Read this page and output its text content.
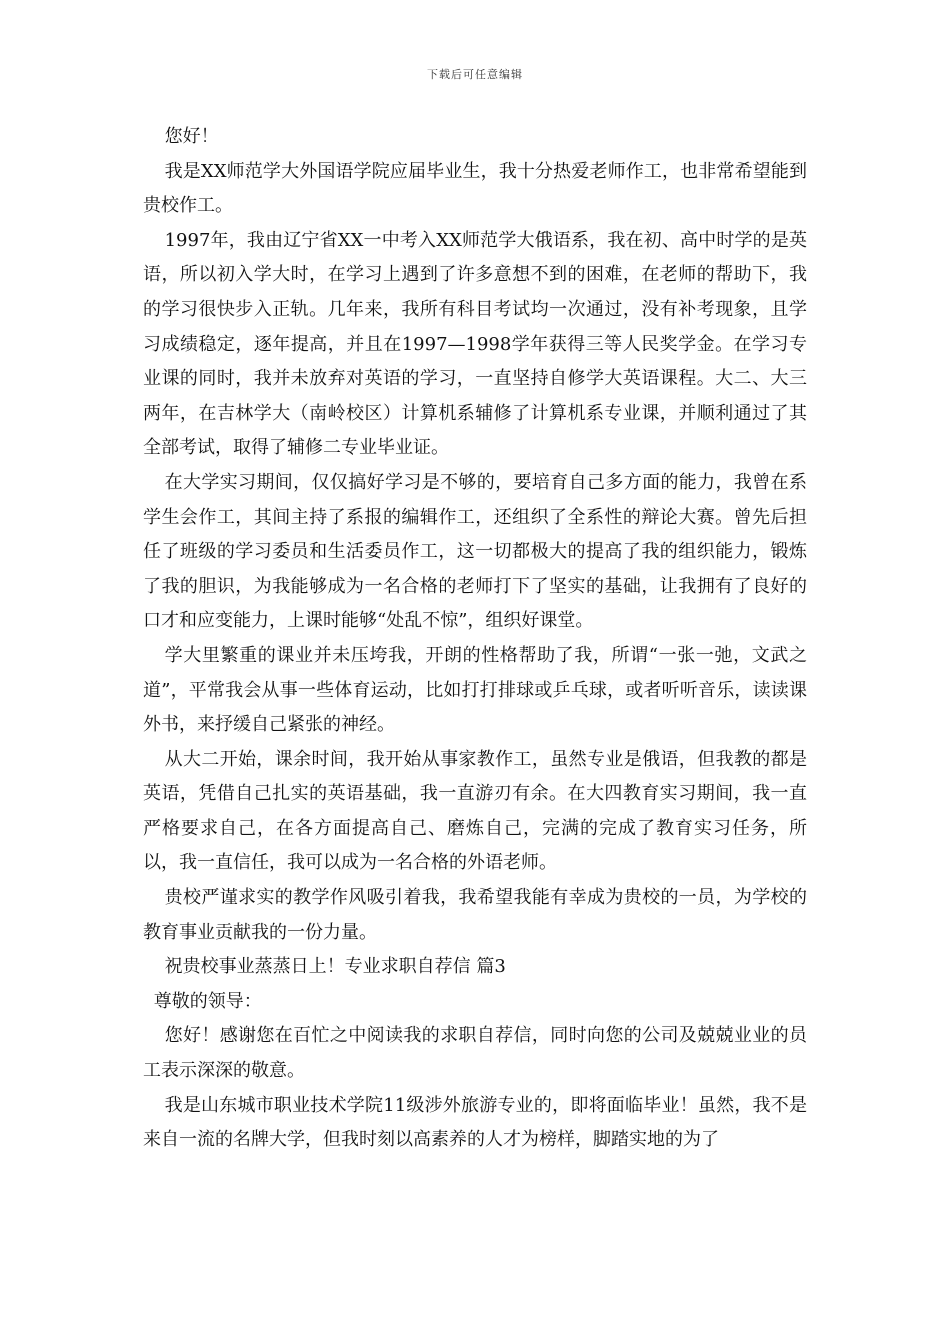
下载后可任意编辑

您好！

我是XX师范学大外国语学院应届毕业生，我十分热爱老师作工，也非常希望能到贵校作工。

1997年，我由辽宁省XX一中考入XX师范学大俄语系，我在初、高中时学的是英语，所以初入学大时，在学习上遇到了许多意想不到的困难，在老师的帮助下，我的学习很快步入正轨。几年来，我所有科目考试均一次通过，没有补考现象，且学习成绩稳定，逐年提高，并且在1997—1998学年获得三等人民奖学金。在学习专业课的同时，我并未放弃对英语的学习，一直坚持自修学大英语课程。大二、大三两年，在吉林学大（南岭校区）计算机系辅修了计算机系专业课，并顺利通过了其全部考试，取得了辅修二专业毕业证。

在大学实习期间，仅仅搞好学习是不够的，要培育自己多方面的能力，我曾在系学生会作工，其间主持了系报的编辑作工，还组织了全系性的辩论大赛。曾先后担任了班级的学习委员和生活委员作工，这一切都极大的提高了我的组织能力，锻炼了我的胆识，为我能够成为一名合格的老师打下了坚实的基础，让我拥有了良好的口才和应变能力，上课时能够“处乱不惊”，组织好课堂。

学大里繁重的课业并未压垮我，开朗的性格帮助了我，所谓“一张一弛，文武之道”，平常我会从事一些体育运动，比如打打排球或乒乓球，或者听听音乐，读读课外书，来抒缓自己紧张的神经。

从大二开始，课余时间，我开始从事家教作工，虽然专业是俄语，但我教的都是英语，凭借自己扎实的英语基础，我一直游刃有余。在大四教育实习期间，我一直严格要求自己，在各方面提高自己、磨炼自己，完满的完成了教育实习任务，所以，我一直信任，我可以成为一名合格的外语老师。

贵校严谨求实的教学作风吸引着我，我希望我能有幸成为贵校的一员，为学校的教育事业贡献我的一份力量。

祝贵校事业蒸蒸日上！专业求职自荐信 篇3

尊敬的领导：

您好！感谢您在百忙之中阅读我的求职自荐信，同时向您的公司及兢兢业业的员工表示深深的敬意。

我是山东城市职业技术学院11级涉外旅游专业的，即将面临毕业！虽然，我不是来自一流的名牌大学，但我时刻以高素养的人才为榜样，脚踏实地的为了
